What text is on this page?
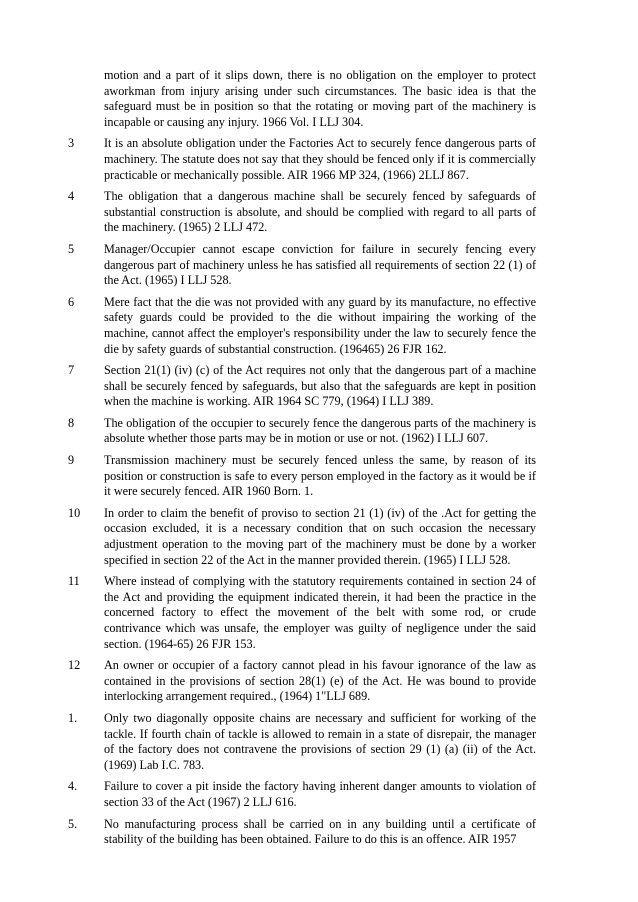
motion and a part of it slips down, there is no obligation on the employer to protect aworkman from injury arising under such circumstances. The basic idea is that the safeguard must be in position so that the rotating or moving part of the machinery is incapable or causing any injury. 1966 Vol. I LLJ 304.

3	It is an absolute obligation under the Factories Act to securely fence dangerous parts of machinery. The statute does not say that they should be fenced only if it is commercially practicable or mechanically possible. AIR 1966 MP 324, (1966) 2LLJ 867.
4	The obligation that a dangerous machine shall be securely fenced by safeguards of substantial construction is absolute, and should be complied with regard to all parts of the machinery. (1965) 2 LLJ 472.
5	Manager/Occupier cannot escape conviction for failure in securely fencing every dangerous part of machinery unless he has satisfied all requirements of section 22 (1) of the Act. (1965) I LLJ 528.
6	Mere fact that the die was not provided with any guard by its manufacture, no effective safety guards could be provided to the die without impairing the working of the machine, cannot affect the employer's responsibility under the law to securely fence the die by safety guards of substantial construction. (196465) 26 FJR 162.
7	Section 21(1) (iv) (c) of the Act requires not only that the dangerous part of a machine shall be securely fenced by safeguards, but also that the safeguards are kept in position when the machine is working. AIR 1964 SC 779, (1964) I LLJ 389.
8	The obligation of the occupier to securely fence the dangerous parts of the machinery is absolute whether those parts may be in motion or use or not. (1962) I LLJ 607.
9	Transmission machinery must be securely fenced unless the same, by reason of its position or construction is safe to every person employed in the factory as it would be if it were securely fenced. AIR 1960 Born. 1.
10	In order to claim the benefit of proviso to section 21 (1) (iv) of the .Act for getting the occasion excluded, it is a necessary condition that on such occasion the necessary adjustment operation to the moving part of the machinery must be done by a worker specified in section 22 of the Act in the manner provided therein. (1965) I LLJ 528.
11	Where instead of complying with the statutory requirements contained in section 24 of the Act and providing the equipment indicated therein, it had been the practice in the concerned factory to effect the movement of the belt with some rod, or crude contrivance which was unsafe, the employer was guilty of negligence under the said section. (1964-65) 26 FJR 153.
12	An owner or occupier of a factory cannot plead in his favour ignorance of the law as contained in the provisions of section 28(1) (e) of the Act. He was bound to provide interlocking arrangement required., (1964) 1"LLJ 689.
1.	Only two diagonally opposite chains are necessary and sufficient for working of the tackle. If fourth chain of tackle is allowed to remain in a state of disrepair, the manager of the factory does not contravene the provisions of section 29 (1) (a) (ii) of the Act. (1969) Lab I.C. 783.
4.	Failure to cover a pit inside the factory having inherent danger amounts to violation of section 33 of the Act (1967) 2 LLJ 616.
5.	No manufacturing process shall be carried on in any building until a certificate of stability of the building has been obtained. Failure to do this is an offence. AIR 1957
